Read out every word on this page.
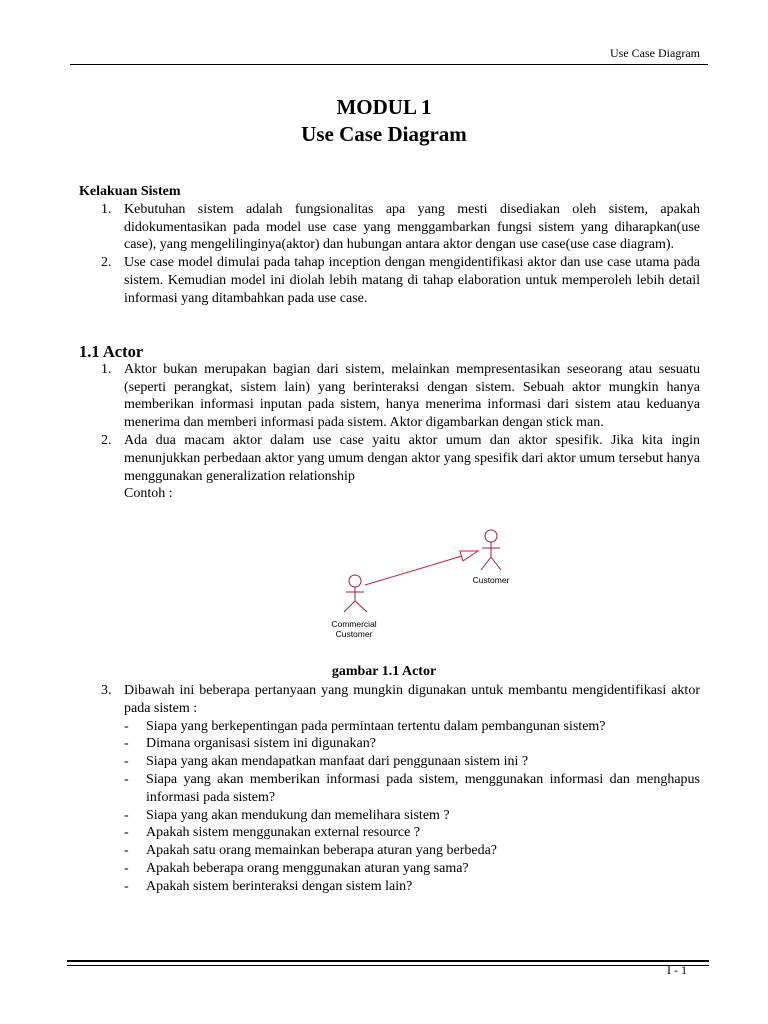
Use Case Diagram
MODUL 1
Use Case Diagram
Kelakuan Sistem
1. Kebutuhan sistem adalah fungsionalitas apa yang mesti disediakan oleh sistem, apakah didokumentasikan pada model use case yang menggambarkan fungsi sistem yang diharapkan(use case), yang mengelilinginya(aktor) dan hubungan antara aktor dengan use case(use case diagram).
2. Use case model dimulai pada tahap inception dengan mengidentifikasi aktor dan use case utama pada sistem. Kemudian model ini diolah lebih matang di tahap elaboration untuk memperoleh lebih detail informasi yang ditambahkan pada use case.
1.1 Actor
1. Aktor bukan merupakan bagian dari sistem, melainkan mempresentasikan seseorang atau sesuatu (seperti perangkat, sistem lain) yang berinteraksi dengan sistem. Sebuah aktor mungkin hanya memberikan informasi inputan pada sistem, hanya menerima informasi dari sistem atau keduanya menerima dan memberi informasi pada sistem. Aktor digambarkan dengan stick man.
2. Ada dua macam aktor dalam use case yaitu aktor umum dan aktor spesifik. Jika kita ingin menunjukkan perbedaan aktor yang umum dengan aktor yang spesifik dari aktor umum tersebut hanya menggunakan generalization relationship
Contoh :
Customer
Commercial
Customer
gambar 1.1 Actor
3. Dibawah ini beberapa pertanyaan yang mungkin digunakan untuk membantu mengidentifikasi aktor pada sistem :
- Siapa yang berkepentingan pada permintaan tertentu dalam pembangunan sistem?
- Dimana organisasi sistem ini digunakan?
- Siapa yang akan mendapatkan manfaat dari penggunaan sistem ini ?
- Siapa yang akan memberikan informasi pada sistem, menggunakan informasi dan menghapus informasi pada sistem?
- Siapa yang akan mendukung dan memelihara sistem ?
- Apakah sistem menggunakan external resource ?
- Apakah satu orang memainkan beberapa aturan yang berbeda?
- Apakah beberapa orang menggunakan aturan yang sama?
- Apakah sistem berinteraksi dengan sistem lain?
I - 1
